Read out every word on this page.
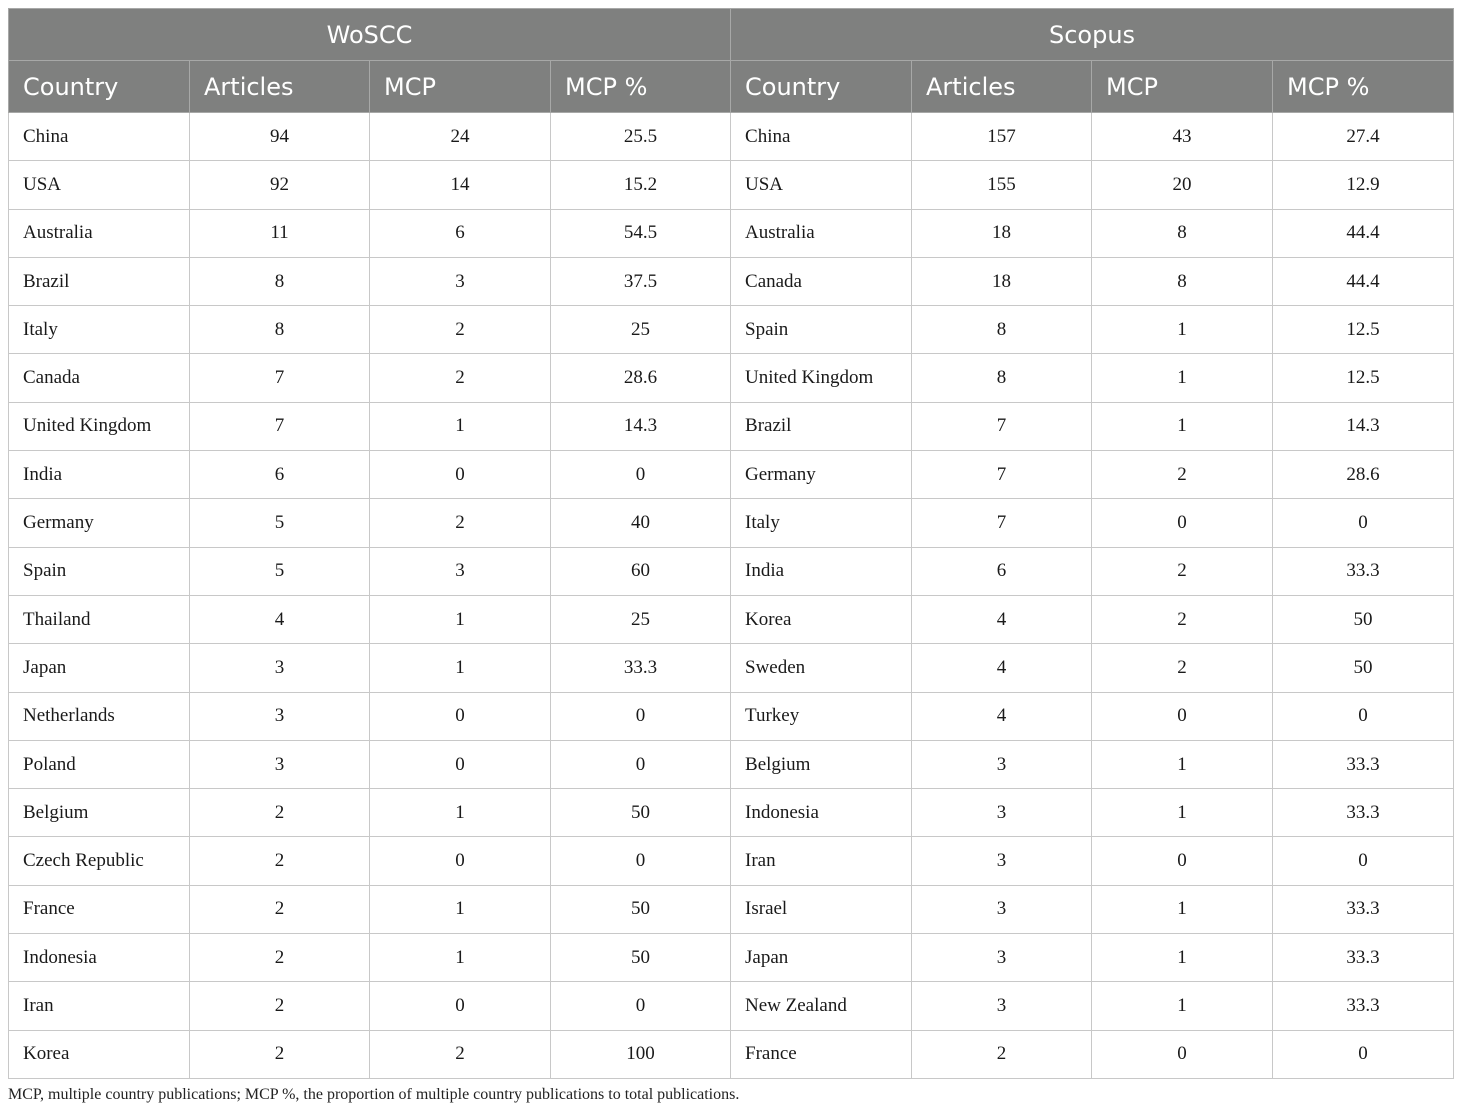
WoSCC				Scopus			
Country	Articles	MCP	MCP %	Country	Articles	MCP	MCP %
China	94	24	25.5	China	157	43	27.4
USA	92	14	15.2	USA	155	20	12.9
Australia	11	6	54.5	Australia	18	8	44.4
Brazil	8	3	37.5	Canada	18	8	44.4
Italy	8	2	25	Spain	8	1	12.5
Canada	7	2	28.6	United Kingdom	8	1	12.5
United Kingdom	7	1	14.3	Brazil	7	1	14.3
India	6	0	0	Germany	7	2	28.6
Germany	5	2	40	Italy	7	0	0
Spain	5	3	60	India	6	2	33.3
Thailand	4	1	25	Korea	4	2	50
Japan	3	1	33.3	Sweden	4	2	50
Netherlands	3	0	0	Turkey	4	0	0
Poland	3	0	0	Belgium	3	1	33.3
Belgium	2	1	50	Indonesia	3	1	33.3
Czech Republic	2	0	0	Iran	3	0	0
France	2	1	50	Israel	3	1	33.3
Indonesia	2	1	50	Japan	3	1	33.3
Iran	2	0	0	New Zealand	3	1	33.3
Korea	2	2	100	France	2	0	0
MCP, multiple country publications; MCP %, the proportion of multiple country publications to total publications.
